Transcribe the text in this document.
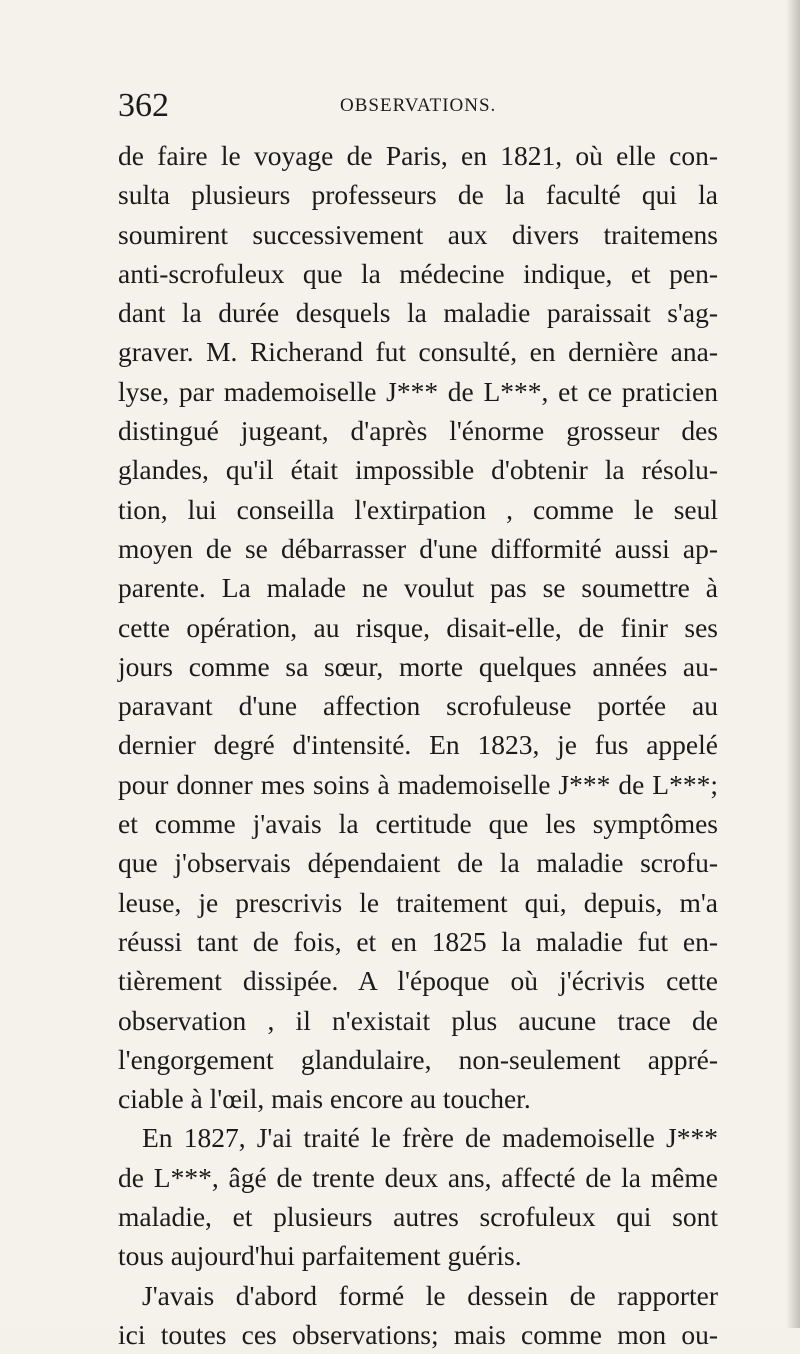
362	OBSERVATIONS.
de faire le voyage de Paris, en 1821, où elle con-
sulta plusieurs professeurs de la faculté qui la
soumirent successivement aux divers traitemens
anti-scrofuleux que la médecine indique, et pen-
dant la durée desquels la maladie paraissait s'ag-
graver. M. Richerand fut consulté, en dernière ana-
lyse, par mademoiselle J*** de L***, et ce praticien
distingué jugeant, d'après l'énorme grosseur des
glandes, qu'il était impossible d'obtenir la résolu-
tion, lui conseilla l'extirpation , comme le seul
moyen de se débarrasser d'une difformité aussi ap-
parente. La malade ne voulut pas se soumettre à
cette opération, au risque, disait-elle, de finir ses
jours comme sa sœur, morte quelques années au-
paravant d'une affection scrofuleuse portée au
dernier degré d'intensité. En 1823, je fus appelé
pour donner mes soins à mademoiselle J*** de L***;
et comme j'avais la certitude que les symptômes
que j'observais dépendaient de la maladie scrofu-
leuse, je prescrivis le traitement qui, depuis, m'a
réussi tant de fois, et en 1825 la maladie fut en-
tièrement dissipée. A l'époque où j'écrivis cette
observation , il n'existait plus aucune trace de
l'engorgement glandulaire, non-seulement appré-
ciable à l'œil, mais encore au toucher.
En 1827, J'ai traité le frère de mademoiselle J***
de L***, âgé de trente deux ans, affecté de la même
maladie, et plusieurs autres scrofuleux qui sont
tous aujourd'hui parfaitement guéris.
J'avais d'abord formé le dessein de rapporter
ici toutes ces observations; mais comme mon ou-
